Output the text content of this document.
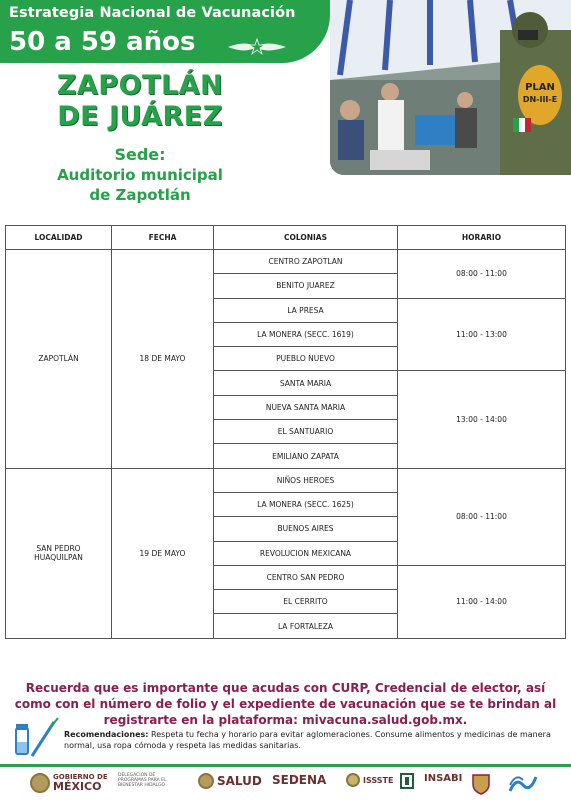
Estrategia Nacional de Vacunación
50 a 59 años
ZAPOTLÁN
DE JUÁREZ
Sede:
Auditorio municipal
de Zapotlán
PLAN
DN-III-E
LOCALIDAD	FECHA	COLONIAS	HORARIO
ZAPOTLÁN	18 DE MAYO	CENTRO ZAPOTLAN	08:00 - 11:00
		BENITO JUAREZ	
		LA PRESA	11:00 - 13:00
		LA MONERA (SECC. 1619)	
		PUEBLO NUEVO	
		SANTA MARIA	13:00 - 14:00
		NUEVA SANTA MARIA	
		EL SANTUARIO	
		EMILIANO ZAPATA	
SAN PEDRO
HUAQUILPAN	19 DE MAYO	NIÑOS HEROES	08:00 - 11:00
		LA MONERA (SECC. 1625)	
		BUENOS AIRES	
		REVOLUCION MEXICANA	
		CENTRO SAN PEDRO	11:00 - 14:00
		EL CERRITO	
		LA FORTALEZA	
Recuerda que es importante que acudas con CURP, Credencial de elector, así como con el número de folio y el expediente de vacunación que se te brindan al registrarte en la plataforma: mivacuna.salud.gob.mx.
Recomendaciones: Respeta tu fecha y horario para evitar aglomeraciones. Consume alimentos y medicinas de manera normal, usa ropa cómoda y respeta las medidas sanitarias.
GOBIERNO DE
MÉXICO
DELEGACIÓN DE PROGRAMAS PARA EL BIENESTAR HIDALGO	SALUD SEDENA	ISSSTE	INSABI
